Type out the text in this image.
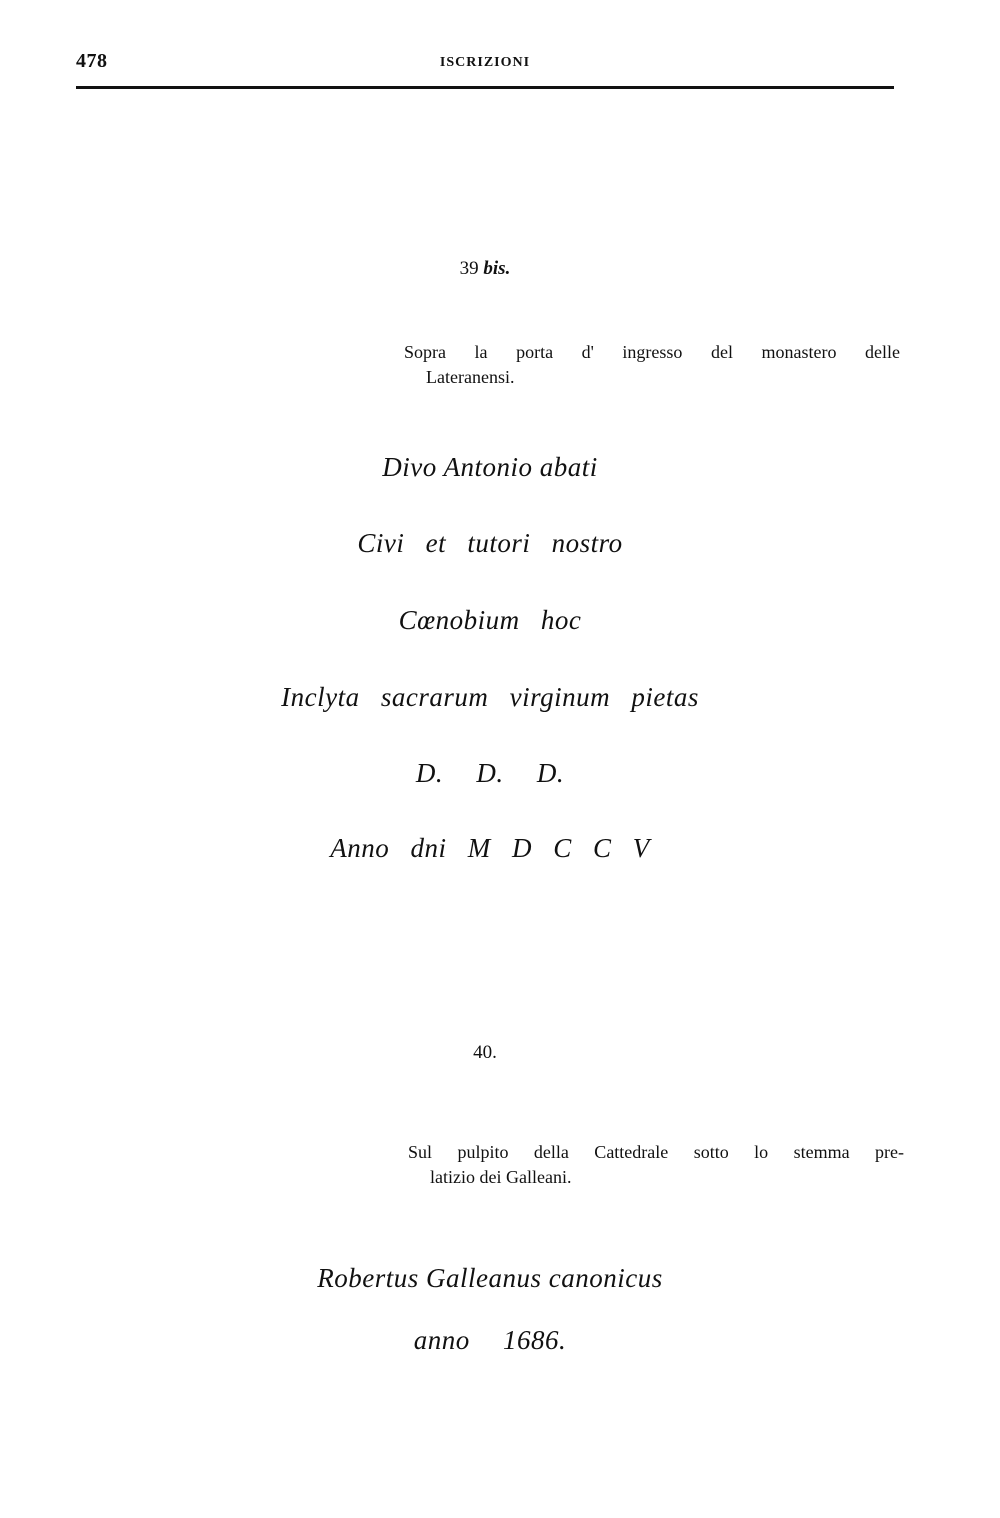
478	ISCRIZIONI
39 bis.
Sopra la porta d' ingresso del monastero delle
Lateranensi.
Divo Antonio abati
Civi et tutori nostro
Cœnobium hoc
Inclyta sacrarum virginum pietas
D. D. D.
Anno dni M D C C V
40.
Sul pulpito della Cattedrale sotto lo stemma pre-
latizio dei Galleani.
Robertus Galleanus canonicus
anno 1686.
